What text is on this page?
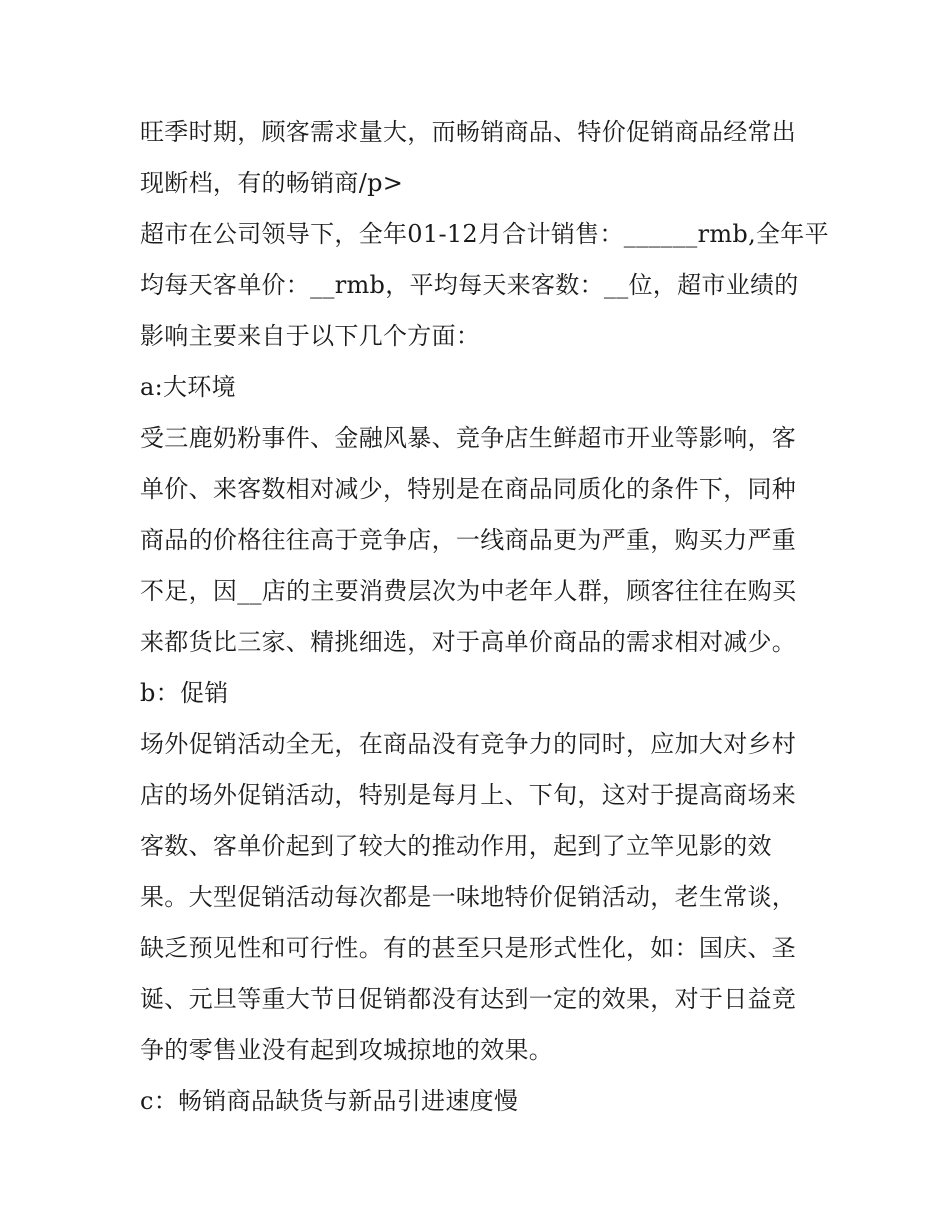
旺季时期，顾客需求量大，而畅销商品、特价促销商品经常出
现断档，有的畅销商/p>
超市在公司领导下，全年01-12月合计销售：______rmb,全年平
均每天客单价：__rmb，平均每天来客数：__位，超市业绩的
影响主要来自于以下几个方面：
a:大环境
受三鹿奶粉事件、金融风暴、竞争店生鲜超市开业等影响，客
单价、来客数相对减少，特别是在商品同质化的条件下，同种
商品的价格往往高于竞争店，一线商品更为严重，购买力严重
不足，因__店的主要消费层次为中老年人群，顾客往往在购买
来都货比三家、精挑细选，对于高单价商品的需求相对减少。
b：促销
场外促销活动全无，在商品没有竞争力的同时，应加大对乡村
店的场外促销活动，特别是每月上、下旬，这对于提高商场来
客数、客单价起到了较大的推动作用，起到了立竿见影的效
果。大型促销活动每次都是一味地特价促销活动，老生常谈，
缺乏预见性和可行性。有的甚至只是形式性化，如：国庆、圣
诞、元旦等重大节日促销都没有达到一定的效果，对于日益竞
争的零售业没有起到攻城掠地的效果。
c：畅销商品缺货与新品引进速度慢
